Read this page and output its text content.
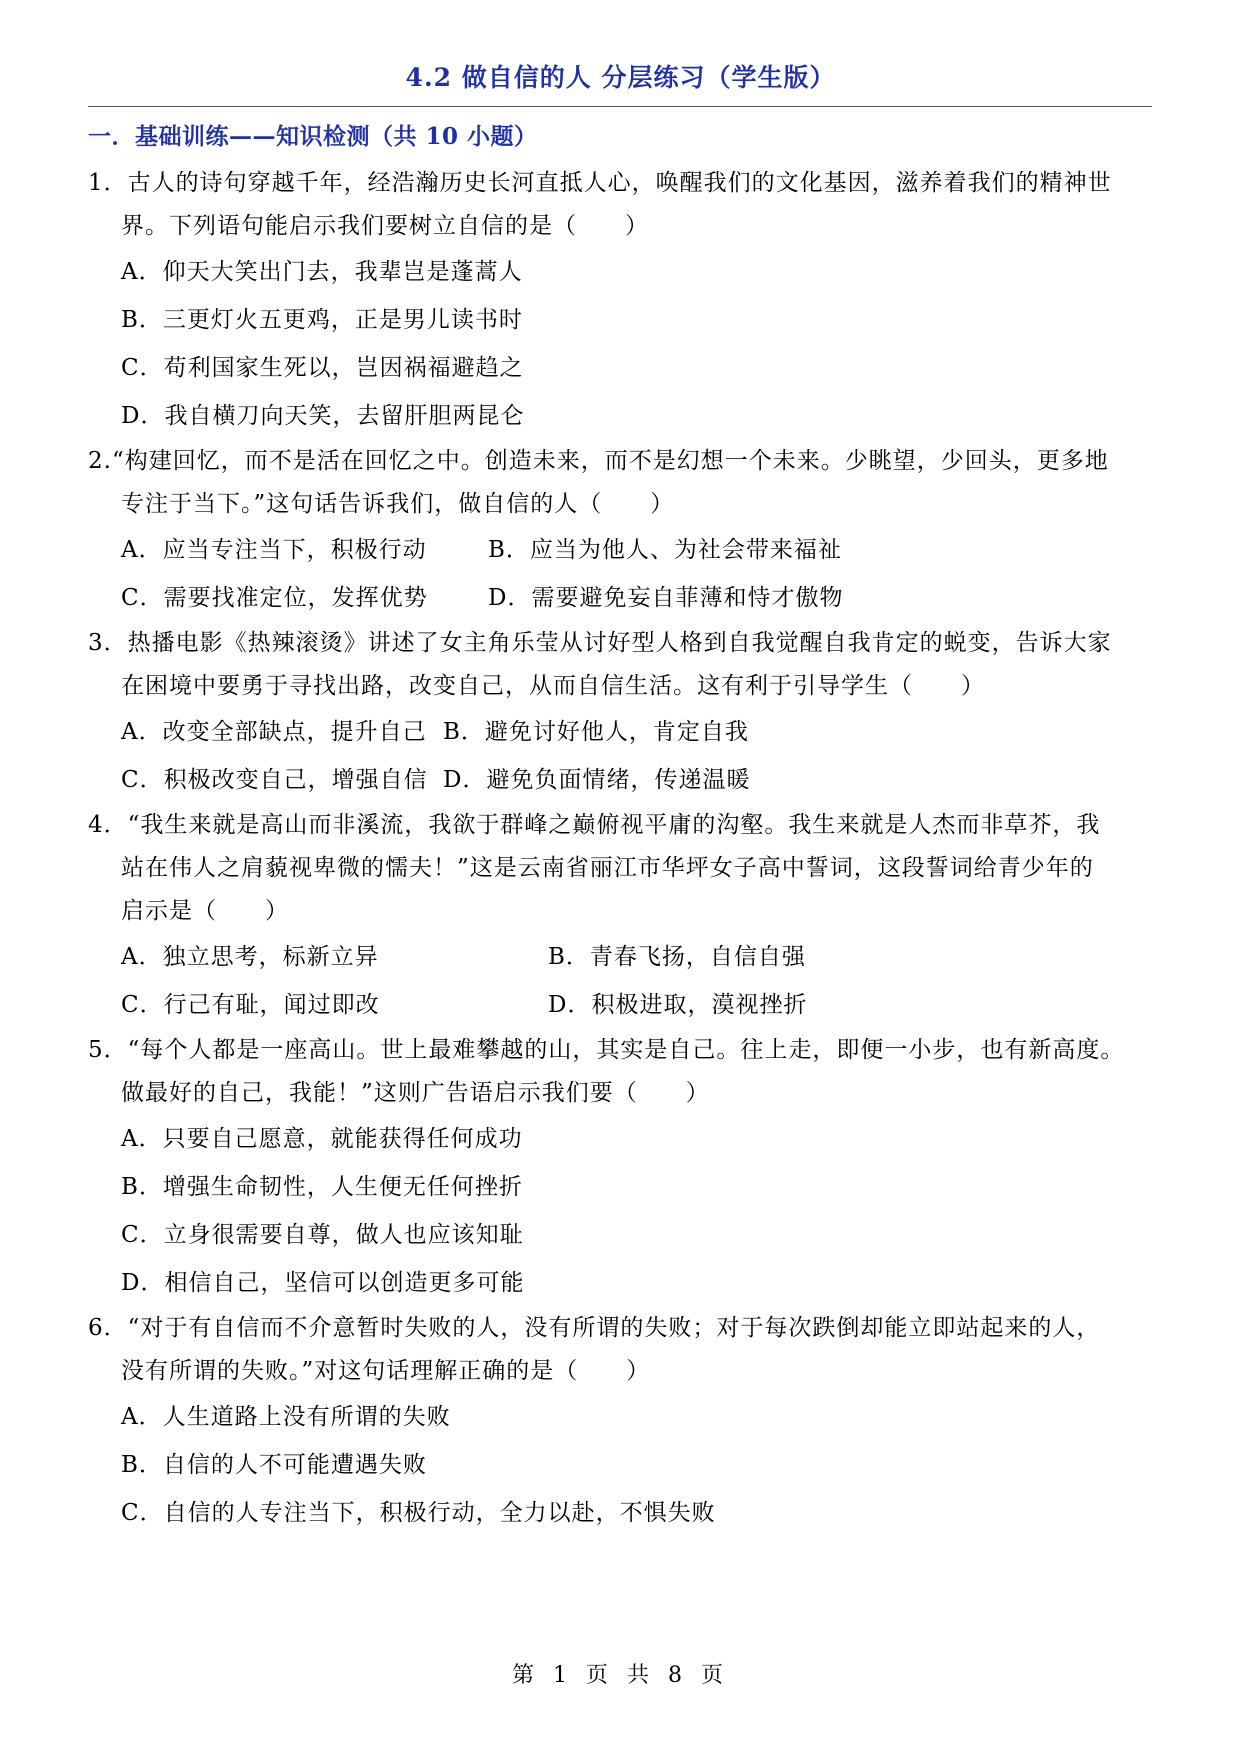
4.2 做自信的人 分层练习（学生版）
一．基础训练——知识检测（共 10 小题）
1．古人的诗句穿越千年，经浩瀚历史长河直抵人心，唤醒我们的文化基因，滋养着我们的精神世
界。下列语句能启示我们要树立自信的是（　　）
A．仰天大笑出门去，我辈岂是蓬蒿人
B．三更灯火五更鸡，正是男儿读书时
C．苟利国家生死以，岂因祸福避趋之
D．我自横刀向天笑，去留肝胆两昆仑
2.“构建回忆，而不是活在回忆之中。创造未来，而不是幻想一个未来。少眺望，少回头，更多地
专注于当下。”这句话告诉我们，做自信的人（　　）
A．应当专注当下，积极行动	B．应当为他人、为社会带来福祉
C．需要找准定位，发挥优势	D．需要避免妄自菲薄和恃才傲物
3．热播电影《热辣滚烫》讲述了女主角乐莹从讨好型人格到自我觉醒自我肯定的蜕变，告诉大家
在困境中要勇于寻找出路，改变自己，从而自信生活。这有利于引导学生（　　）
A．改变全部缺点，提升自己 B．避免讨好他人，肯定自我
C．积极改变自己，增强自信 D．避免负面情绪，传递温暖
4．“我生来就是高山而非溪流，我欲于群峰之巅俯视平庸的沟壑。我生来就是人杰而非草芥，我
站在伟人之肩藐视卑微的懦夫！”这是云南省丽江市华坪女子高中誓词，这段誓词给青少年的
启示是（　　）
A．独立思考，标新立异	B．青春飞扬，自信自强
C．行己有耻，闻过即改	D．积极进取，漠视挫折
5．“每个人都是一座高山。世上最难攀越的山，其实是自己。往上走，即便一小步，也有新高度。
做最好的自己，我能！”这则广告语启示我们要（　　）
A．只要自己愿意，就能获得任何成功
B．增强生命韧性，人生便无任何挫折
C．立身很需要自尊，做人也应该知耻
D．相信自己，坚信可以创造更多可能
6．“对于有自信而不介意暂时失败的人，没有所谓的失败；对于每次跌倒却能立即站起来的人，
没有所谓的失败。”对这句话理解正确的是（　　）
A．人生道路上没有所谓的失败
B．自信的人不可能遭遇失败
C．自信的人专注当下，积极行动，全力以赴，不惧失败
第 1 页 共 8 页
